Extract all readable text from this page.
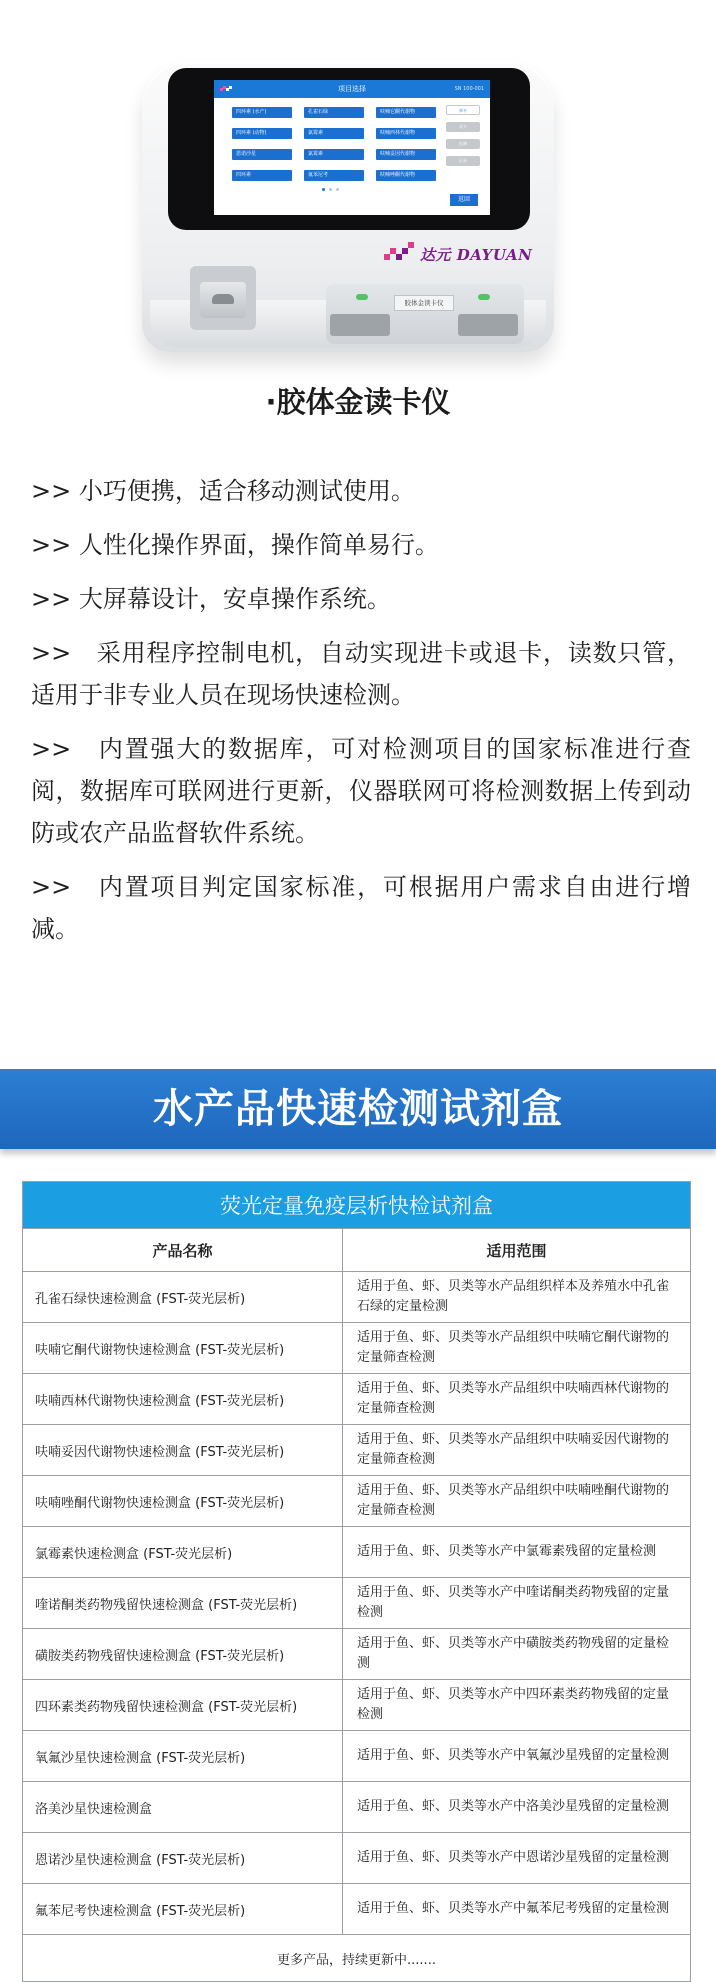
项目选择	SN 100-001
四环素 (水产)	孔雀石绿	呋喃它酮代谢物
四环素 (动物)	氯霉素	呋喃西林代谢物
恩诺沙星	氯霉素	呋喃妥因代谢物
四环素	氟苯尼考	呋喃唑酮代谢物
单卡
双卡
检测
记录
返回
达元 DAYUAN
胶体金读卡仪
·胶体金读卡仪
>> 小巧便携，适合移动测试使用。
>> 人性化操作界面，操作简单易行。
>> 大屏幕设计，安卓操作系统。
>>　采用程序控制电机，自动实现进卡或退卡，读数只管，适用于非专业人员在现场快速检测。
>>　内置强大的数据库，可对检测项目的国家标准进行查阅，数据库可联网进行更新，仪器联网可将检测数据上传到动防或农产品监督软件系统。
>>　内置项目判定国家标准，可根据用户需求自由进行增减。
水产品快速检测试剂盒
荧光定量免疫层析快检试剂盒	
产品名称	适用范围
孔雀石绿快速检测盒 (FST-荧光层析)	适用于鱼、虾、贝类等水产品组织样本及养殖水中孔雀石绿的定量检测
呋喃它酮代谢物快速检测盒 (FST-荧光层析)	适用于鱼、虾、贝类等水产品组织中呋喃它酮代谢物的定量筛查检测
呋喃西林代谢物快速检测盒 (FST-荧光层析)	适用于鱼、虾、贝类等水产品组织中呋喃西林代谢物的定量筛查检测
呋喃妥因代谢物快速检测盒 (FST-荧光层析)	适用于鱼、虾、贝类等水产品组织中呋喃妥因代谢物的定量筛查检测
呋喃唑酮代谢物快速检测盒 (FST-荧光层析)	适用于鱼、虾、贝类等水产品组织中呋喃唑酮代谢物的定量筛查检测
氯霉素快速检测盒 (FST-荧光层析)	适用于鱼、虾、贝类等水产中氯霉素残留的定量检测
喹诺酮类药物残留快速检测盒 (FST-荧光层析)	适用于鱼、虾、贝类等水产中喹诺酮类药物残留的定量检测
磺胺类药物残留快速检测盒 (FST-荧光层析)	适用于鱼、虾、贝类等水产中磺胺类药物残留的定量检测
四环素类药物残留快速检测盒 (FST-荧光层析)	适用于鱼、虾、贝类等水产中四环素类药物残留的定量检测
氧氟沙星快速检测盒 (FST-荧光层析)	适用于鱼、虾、贝类等水产中氧氟沙星残留的定量检测
洛美沙星快速检测盒	适用于鱼、虾、贝类等水产中洛美沙星残留的定量检测
恩诺沙星快速检测盒 (FST-荧光层析)	适用于鱼、虾、贝类等水产中恩诺沙星残留的定量检测
氟苯尼考快速检测盒 (FST-荧光层析)	适用于鱼、虾、贝类等水产中氟苯尼考残留的定量检测
更多产品，持续更新中.......	
